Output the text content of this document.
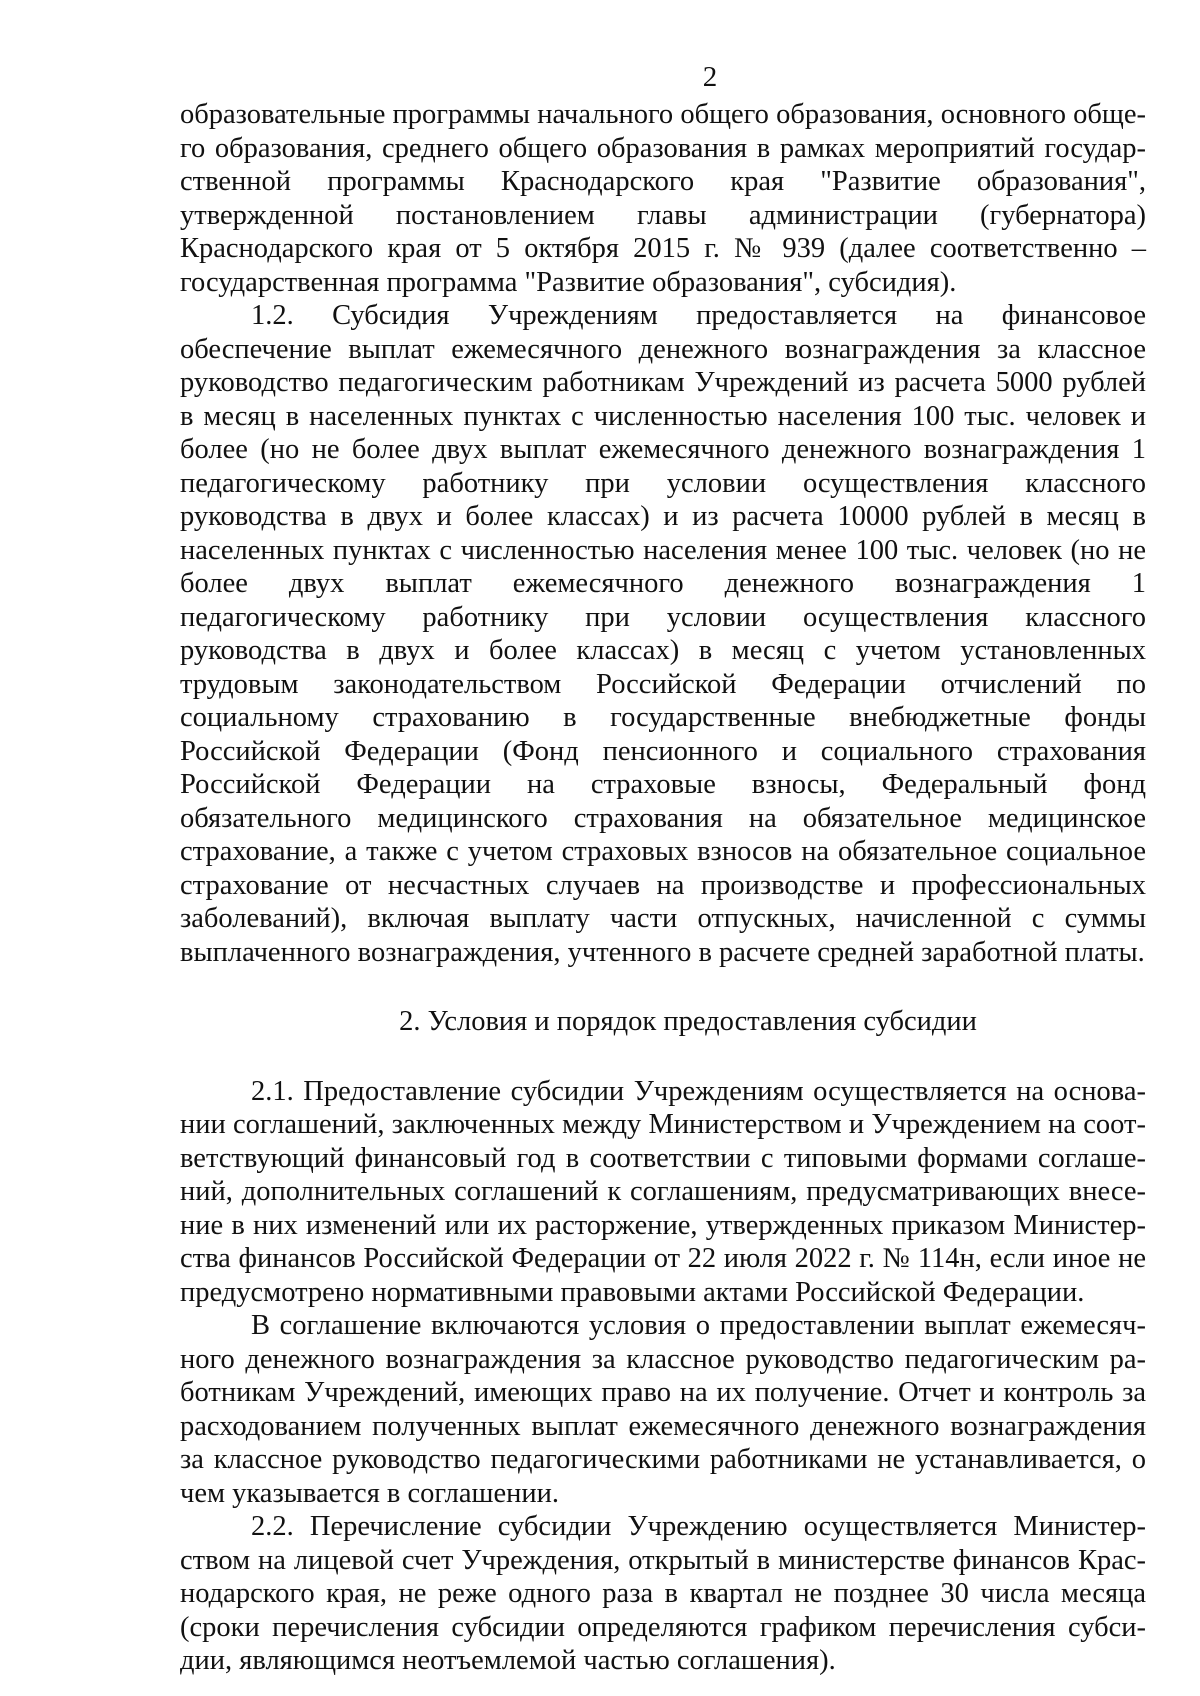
2

образовательные программы начального общего образования, основного общего образования, среднего общего образования в рамках мероприятий государственной программы Краснодарского края "Развитие образования", утвержденной постановлением главы администрации (губернатора) Краснодарского края от 5 октября 2015 г. № 939 (далее соответственно – государственная программа "Развитие образования", субсидия).

1.2. Субсидия Учреждениям предоставляется на финансовое обеспечение выплат ежемесячного денежного вознаграждения за классное руководство педагогическим работникам Учреждений из расчета 5000 рублей в месяц в населенных пунктах с численностью населения 100 тыс. человек и более (но не более двух выплат ежемесячного денежного вознаграждения 1 педагогическому работнику при условии осуществления классного руководства в двух и более классах) и из расчета 10000 рублей в месяц в населенных пунктах с численностью населения менее 100 тыс. человек (но не более двух выплат ежемесячного денежного вознаграждения 1 педагогическому работнику при условии осуществления классного руководства в двух и более классах) в месяц с учетом установленных трудовым законодательством Российской Федерации отчислений по социальному страхованию в государственные внебюджетные фонды Российской Федерации (Фонд пенсионного и социального страхования Российской Федерации на страховые взносы, Федеральный фонд обязательного медицинского страхования на обязательное медицинское страхование, а также с учетом страховых взносов на обязательное социальное страхование от несчастных случаев на производстве и профессиональных заболеваний), включая выплату части отпускных, начисленной с суммы выплаченного вознаграждения, учтенного в расчете средней заработной платы.

2. Условия и порядок предоставления субсидии

2.1. Предоставление субсидии Учреждениям осуществляется на основании соглашений, заключенных между Министерством и Учреждением на соответствующий финансовый год в соответствии с типовыми формами соглашений, дополнительных соглашений к соглашениям, предусматривающих внесение в них изменений или их расторжение, утвержденных приказом Министерства финансов Российской Федерации от 22 июля 2022 г. № 114н, если иное не предусмотрено нормативными правовыми актами Российской Федерации.

В соглашение включаются условия о предоставлении выплат ежемесячного денежного вознаграждения за классное руководство педагогическим работникам Учреждений, имеющих право на их получение. Отчет и контроль за расходованием полученных выплат ежемесячного денежного вознаграждения за классное руководство педагогическими работниками не устанавливается, о чем указывается в соглашении.

2.2. Перечисление субсидии Учреждению осуществляется Министерством на лицевой счет Учреждения, открытый в министерстве финансов Краснодарского края, не реже одного раза в квартал не позднее 30 числа месяца (сроки перечисления субсидии определяются графиком перечисления субсидии, являющимся неотъемлемой частью соглашения).
